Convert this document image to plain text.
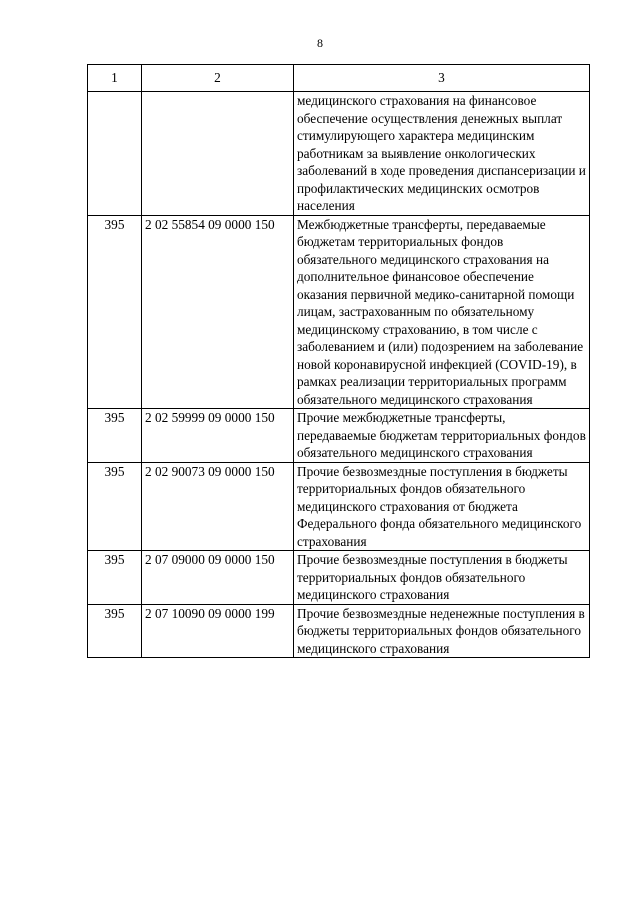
8
1	2	3
		медицинского страхования на финансовое обеспечение осуществления денежных выплат стимулирующего характера медицинским работникам за выявление онкологических заболеваний в ходе проведения диспансеризации и профилактических медицинских осмотров населения
395	2 02 55854 09 0000 150	Межбюджетные трансферты, передаваемые бюджетам территориальных фондов обязательного медицинского страхования на дополнительное финансовое обеспечение оказания первичной медико-санитарной помощи лицам, застрахованным по обязательному медицинскому страхованию, в том числе с заболеванием и (или) подозрением на заболевание новой коронавирусной инфекцией (COVID-19), в рамках реализации территориальных программ обязательного медицинского страхования
395	2 02 59999 09 0000 150	Прочие межбюджетные трансферты, передаваемые бюджетам территориальных фондов обязательного медицинского страхования
395	2 02 90073 09 0000 150	Прочие безвозмездные поступления в бюджеты территориальных фондов обязательного медицинского страхования от бюджета Федерального фонда обязательного медицинского страхования
395	2 07 09000 09 0000 150	Прочие безвозмездные поступления в бюджеты территориальных фондов обязательного медицинского страхования
395	2 07 10090 09 0000 199	Прочие безвозмездные неденежные поступления в бюджеты территориальных фондов обязательного медицинского страхования
